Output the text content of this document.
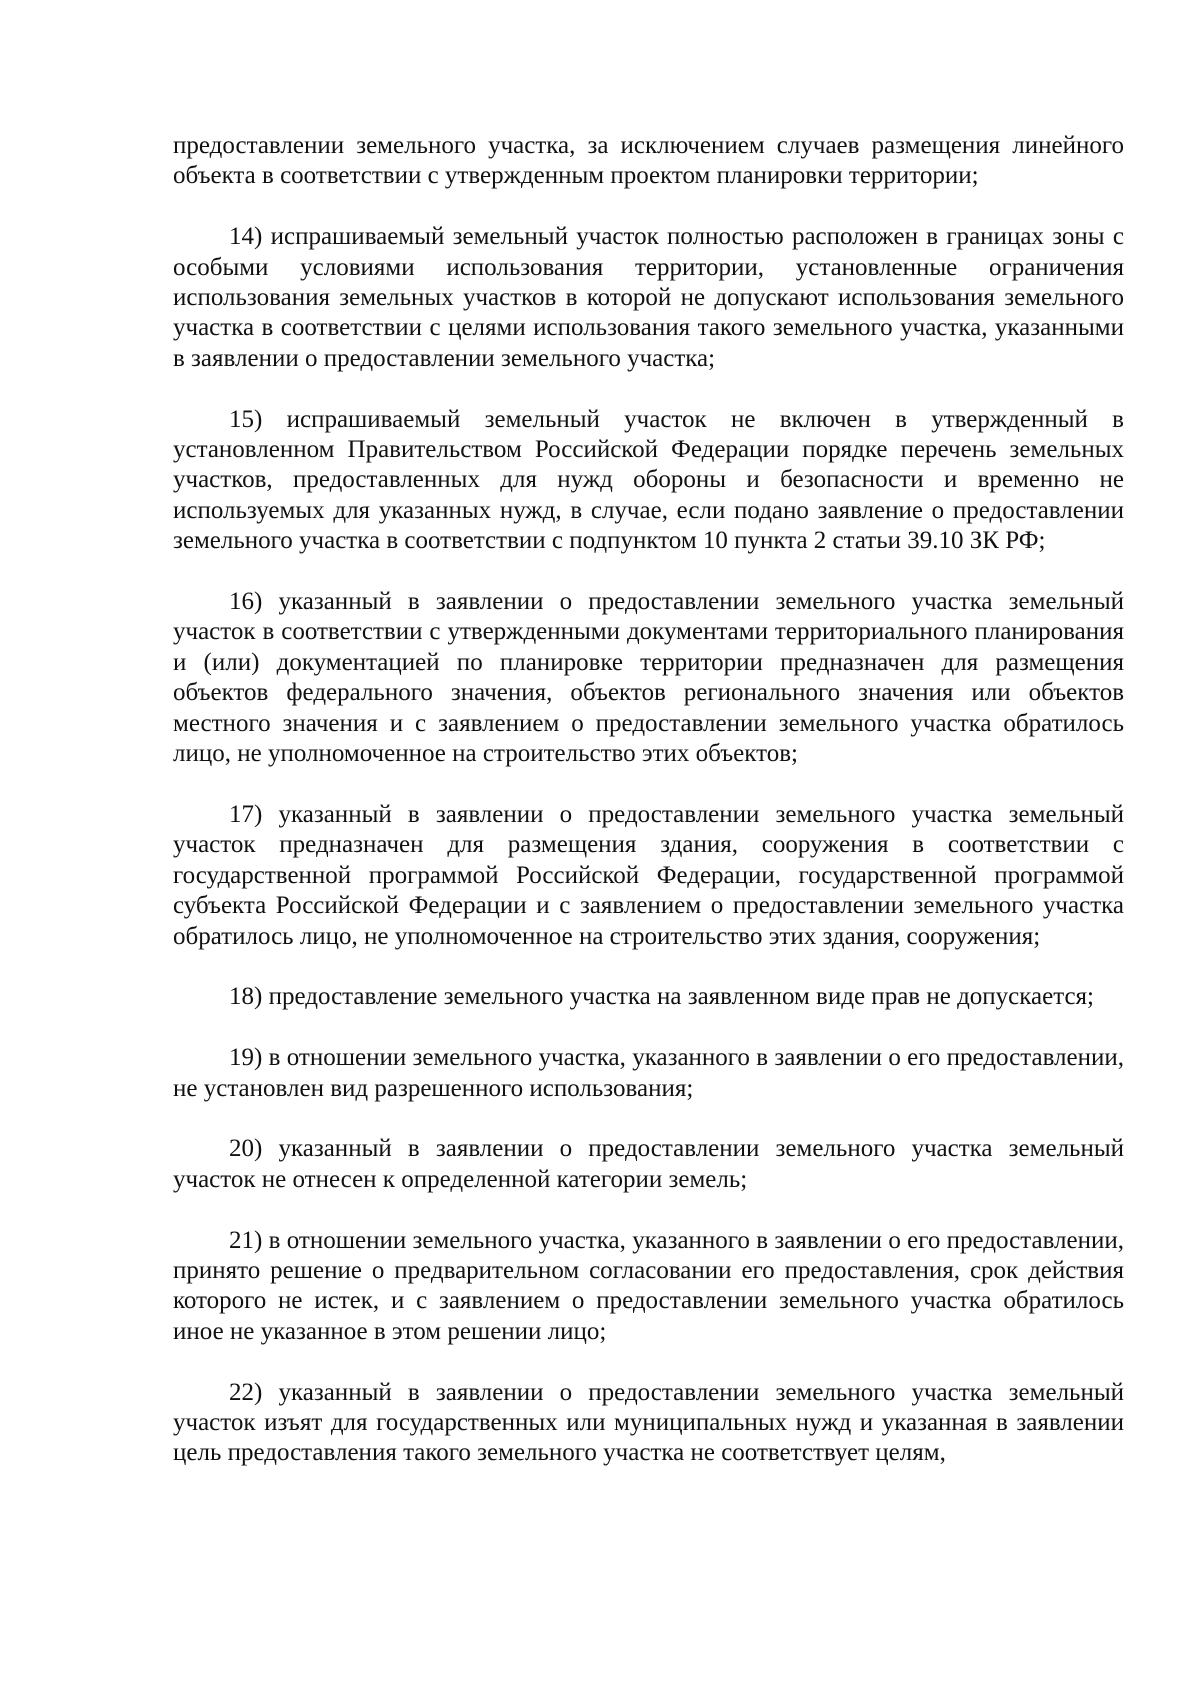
предоставлении земельного участка, за исключением случаев размещения линейного объекта в соответствии с утвержденным проектом планировки территории;

14) испрашиваемый земельный участок полностью расположен в границах зоны с особыми условиями использования территории, установленные ограничения использования земельных участков в которой не допускают использования земельного участка в соответствии с целями использования такого земельного участка, указанными в заявлении о предоставлении земельного участка;

15) испрашиваемый земельный участок не включен в утвержденный в установленном Правительством Российской Федерации порядке перечень земельных участков, предоставленных для нужд обороны и безопасности и временно не используемых для указанных нужд, в случае, если подано заявление о предоставлении земельного участка в соответствии с подпунктом 10 пункта 2 статьи 39.10 ЗК РФ;

16) указанный в заявлении о предоставлении земельного участка земельный участок в соответствии с утвержденными документами территориального планирования и (или) документацией по планировке территории предназначен для размещения объектов федерального значения, объектов регионального значения или объектов местного значения и с заявлением о предоставлении земельного участка обратилось лицо, не уполномоченное на строительство этих объектов;

17) указанный в заявлении о предоставлении земельного участка земельный участок предназначен для размещения здания, сооружения в соответствии с государственной программой Российской Федерации, государственной программой субъекта Российской Федерации и с заявлением о предоставлении земельного участка обратилось лицо, не уполномоченное на строительство этих здания, сооружения;

18) предоставление земельного участка на заявленном виде прав не допускается;

19) в отношении земельного участка, указанного в заявлении о его предоставлении, не установлен вид разрешенного использования;

20) указанный в заявлении о предоставлении земельного участка земельный участок не отнесен к определенной категории земель;

21) в отношении земельного участка, указанного в заявлении о его предоставлении, принято решение о предварительном согласовании его предоставления, срок действия которого не истек, и с заявлением о предоставлении земельного участка обратилось иное не указанное в этом решении лицо;

22) указанный в заявлении о предоставлении земельного участка земельный участок изъят для государственных или муниципальных нужд и указанная в заявлении цель предоставления такого земельного участка не соответствует целям,
